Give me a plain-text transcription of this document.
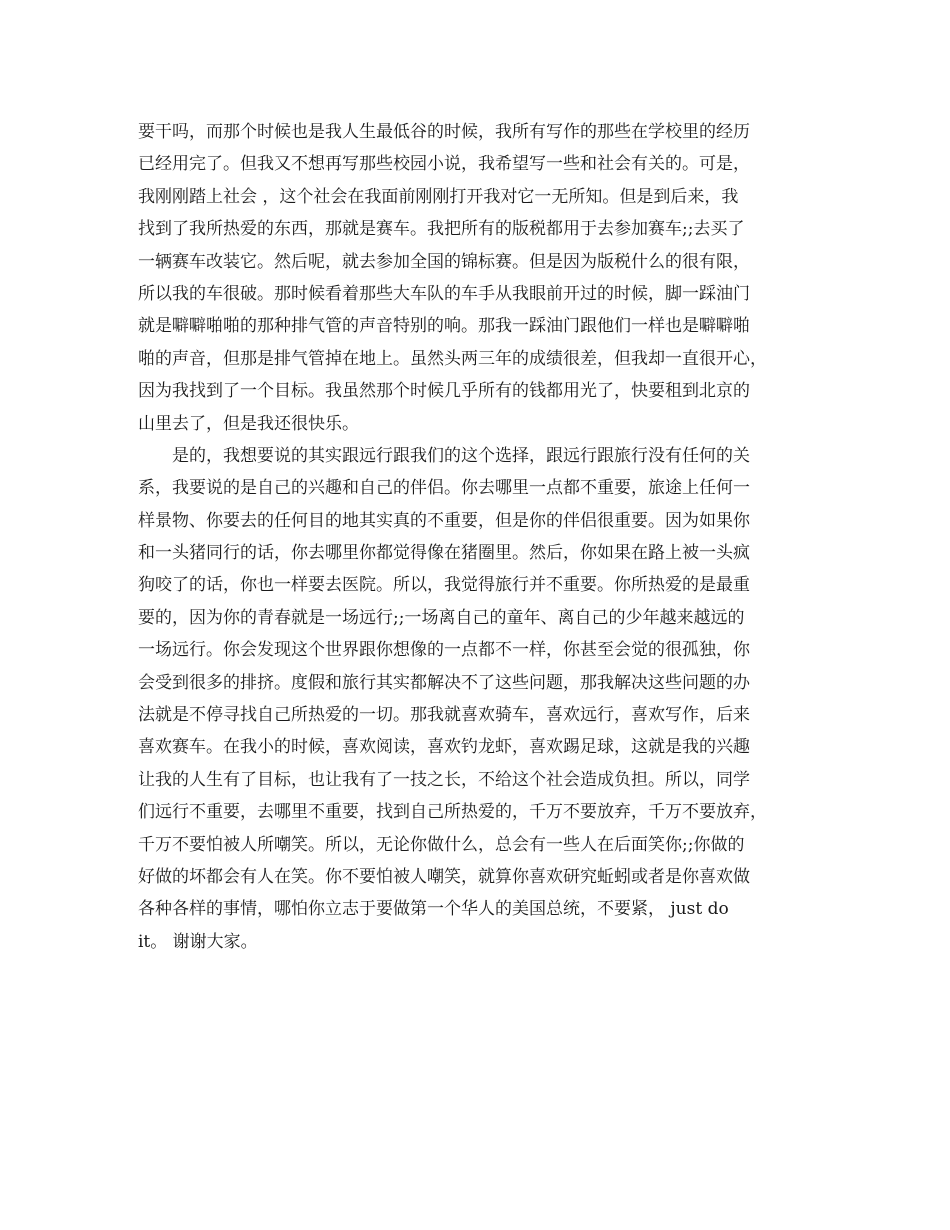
要干吗，而那个时候也是我人生最低谷的时候，我所有写作的那些在学校里的经历
已经用完了。但我又不想再写那些校园小说，我希望写一些和社会有关的。可是，
我刚刚踏上社会 ，这个社会在我面前刚刚打开我对它一无所知。但是到后来，我
找到了我所热爱的东西，那就是赛车。我把所有的版税都用于去参加赛车;;去买了
一辆赛车改装它。然后呢，就去参加全国的锦标赛。但是因为版税什么的很有限，
所以我的车很破。那时候看着那些大车队的车手从我眼前开过的时候，脚一踩油门
就是噼噼啪啪的那种排气管的声音特别的响。那我一踩油门跟他们一样也是噼噼啪
啪的声音，但那是排气管掉在地上。虽然头两三年的成绩很差，但我却一直很开心，
因为我找到了一个目标。我虽然那个时候几乎所有的钱都用光了，快要租到北京的
山里去了，但是我还很快乐。
　　是的，我想要说的其实跟远行跟我们的这个选择，跟远行跟旅行没有任何的关
系，我要说的是自己的兴趣和自己的伴侣。你去哪里一点都不重要，旅途上任何一
样景物、你要去的任何目的地其实真的不重要，但是你的伴侣很重要。因为如果你
和一头猪同行的话，你去哪里你都觉得像在猪圈里。然后，你如果在路上被一头疯
狗咬了的话，你也一样要去医院。所以，我觉得旅行并不重要。你所热爱的是最重
要的，因为你的青春就是一场远行;;一场离自己的童年、离自己的少年越来越远的
一场远行。你会发现这个世界跟你想像的一点都不一样，你甚至会觉的很孤独，你
会受到很多的排挤。度假和旅行其实都解决不了这些问题，那我解决这些问题的办
法就是不停寻找自己所热爱的一切。那我就喜欢骑车，喜欢远行，喜欢写作，后来
喜欢赛车。在我小的时候，喜欢阅读，喜欢钓龙虾，喜欢踢足球，这就是我的兴趣
让我的人生有了目标，也让我有了一技之长，不给这个社会造成负担。所以，同学
们远行不重要，去哪里不重要，找到自己所热爱的，千万不要放弃，千万不要放弃，
千万不要怕被人所嘲笑。所以，无论你做什么，总会有一些人在后面笑你;;你做的
好做的坏都会有人在笑。你不要怕被人嘲笑，就算你喜欢研究蚯蚓或者是你喜欢做
各种各样的事情，哪怕你立志于要做第一个华人的美国总统，不要紧， just do
it。 谢谢大家。
